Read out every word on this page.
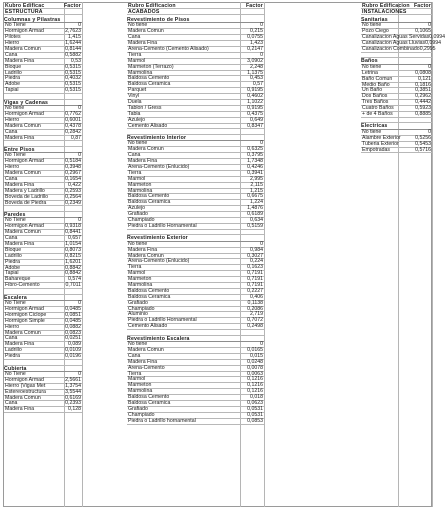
Kubro Edificac	Factor
ESTRUCTURA
Rubro Edificacion	Factor
ACABADOS
Rubro Edificacion Factor
INSTALACIONES
Columnas y Pilastras
No Tiene	0
Hormigon Armad	2,7623
Pilotes	1,415
Hierro	1,6244
Madera Comun	0,8144
Cana	0,5882
Madera Fina	0,53
Bloque	0,5315
Ladrillo	0,5315
Piedra	0,4032
Adobe	0,5315
Tapial	0,5315
Vigas y Cadenas
No tiene	0
Hormigon Armad	0,7762
Hierro	0,6001
Madera Comun	0,4378
Cana	0,2842
Madera Fina	0,87
Entre Pisos
No Tiene	0
Hormigon Armad	0,5184
Hierro	0,3948
Madera Comun	0,2967
Cana	0,1654
Madera Fina	0,422
Madera y Ladrillo	0,2593
Boveda de Ladrillo	0,2564
Boveda de Piedra	0,2349
Paredes
No Tiene	0
Hormigon Armad	0,9318
Madera Comun	0,8441
Cana	0,657
Madera Fina	1,0154
Bloque	0,8073
Ladrillo	0,8215
Piedra	1,6201
Adobe	0,8842
Tapial	0,8842
Bahareque	0,574
Fibro-Cemento	0,7011
Escalera
No Tiene	0
Hormigon Armad	0,0485
Hormigon Ciclope	0,0851
Hormigon Simple	0,0485
Hierro	0,0882
Madera Comun	0,0823
Cana	0,0251
Madera Fina	0,089
Ladrillo	0,0109
Piedra	0,0196
Cubierta
No Tiene	0
Hormigon Armad	2,5661
Hierro (Vigas Met	1,3754
Estereoestructura	3,5544
Madera Comun	0,6169
Cana	0,2393
Madera Fina	0,128
Revestimiento de Pisos
No tiene	0
Madera Comun	0,215
Cana	0,0755
Madera Fina	1,423
Arena-Cemento (Cemento Alisado)	0,2147
Tierra	0
Marmol	3,0902
Marmeton (Terrazo)	2,248
Marmolina	1,1375
Baldosa Cemento	0,453
Baldosa Ceramica	0,57
Parquet	0,9195
Vinyl	0,4602
Duela	1,1022
Tablon / Gress	0,9195
Tabla	0,4375
Azulejo	0,649
Cemento Alisado	0,8347
Revestimiento Interior
No tiene	0
Madera Comun	0,6325
Cana	0,3795
Madera Fina	1,7348
Arena-Cemento (Enlucido)	0,4246
Tierra	0,3941
Marmol	2,995
Marmeton	2,115
Marmolina	1,215
Baldosa Cemento	0,6675
Baldosa Ceramica	1,224
Azulejo	1,4876
Grafiado	0,6189
Champiado	0,634
Piedra o Ladrillo Hornamental	0,5159
Revestimiento Exterior
No tiene	0
Madera Fina	0,984
Madera Comun	0,3027
Arena-Cemento (Enlucido)	0,224
Tierra	0,1623
Marmol	0,7191
Marmeton	0,7191
Marmolina	0,7191
Baldosa Cemento	0,2227
Baldosa Ceramica	0,406
Grafiado	0,1138
Champiado	0,2086
Aluminio	2,719
Piedra o Ladrillo Hornamental	0,7072
Cemento Alisado	0,2498
Revestimiento Escalera
No tiene	0
Madera Comun	0,0165
Cana	0,015
Madera Fina	0,0248
Arena-Cemento	0,0078
Tierra	0,0063
Marmol	0,1216
Marmeton	0,1216
Marmolina	0,1216
Baldosa Cemento	0,018
Baldosa Ceramica	0,0623
Grafiado	0,0531
Champiado	0,0531
Piedra o Ladrillo hornamental	0,0853
Sanitarias
No tiene	0
Pozo Ciego	0,1065
Canalizacion Aguas Servidas 0,0994
Canalizacion Aguas Lluvias 0,0994
Canalizacion Combinado 0,2995
Baños
No tiene	0
Letrina	0,0808
Baño Comun	0,121
Medio Baño	0,1816
Un Baño	0,3851
Dos Baños	0,2962
Tres Baños	0,4442
Cuatro Baños	0,5923
+ de 4 Baños	0,8885
Electricas
No tiene	0
Alambre Exterior	0,5256
Tuberia Exterior	0,5453
Empotradas	0,5716
